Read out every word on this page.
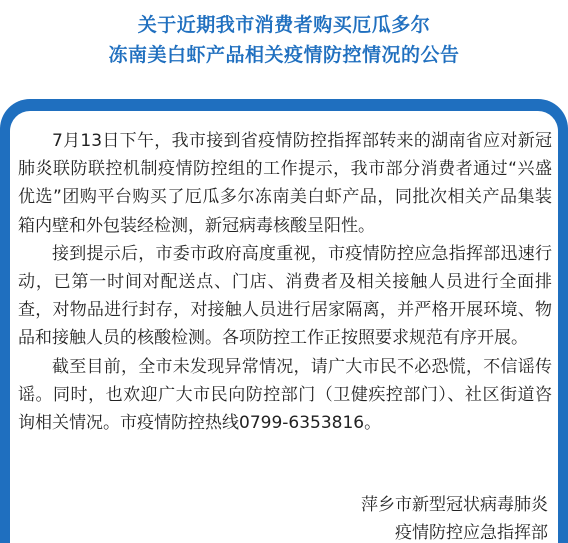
关于近期我市消费者购买厄瓜多尔
冻南美白虾产品相关疫情防控情况的公告

7月13日下午，我市接到省疫情防控指挥部转来的湖南省应对新冠肺炎联防联控机制疫情防控组的工作提示，我市部分消费者通过“兴盛优选”团购平台购买了厄瓜多尔冻南美白虾产品，同批次相关产品集装箱内壁和外包装经检测，新冠病毒核酸呈阳性。

接到提示后，市委市政府高度重视，市疫情防控应急指挥部迅速行动，已第一时间对配送点、门店、消费者及相关接触人员进行全面排查，对物品进行封存，对接触人员进行居家隔离，并严格开展环境、物品和接触人员的核酸检测。各项防控工作正按照要求规范有序开展。

截至目前，全市未发现异常情况，请广大市民不必恐慌，不信谣传谣。同时，也欢迎广大市民向防控部门（卫健疾控部门）、社区街道咨询相关情况。市疫情防控热线0799-6353816。

萍乡市新型冠状病毒肺炎
疫情防控应急指挥部
